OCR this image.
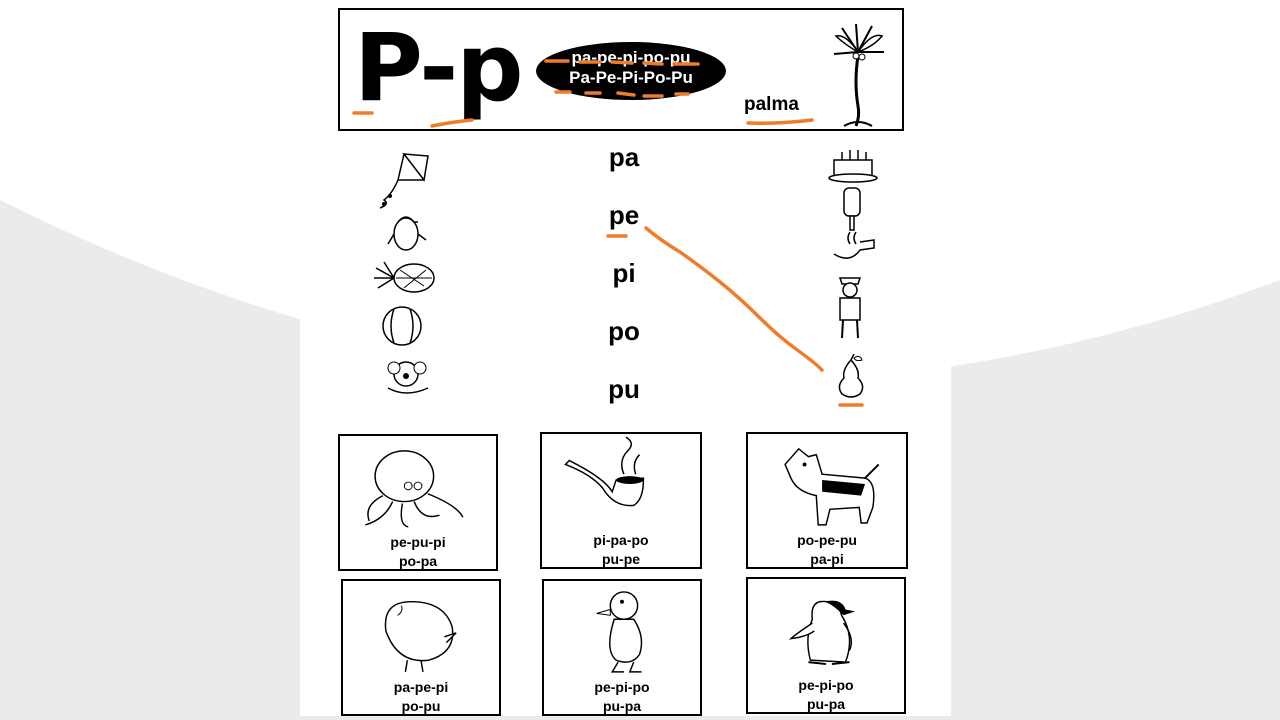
P-p	pa-pe-pi-po-pu
Pa-Pe-Pi-Po-Pu
palma
pa
pe
pi
po
pu
pe-pu-pi
po-pa
pi-pa-po
pu-pe
po-pe-pu
pa-pi
pa-pe-pi
po-pu
pe-pi-po
pu-pa
pe-pi-po
pu-pa
